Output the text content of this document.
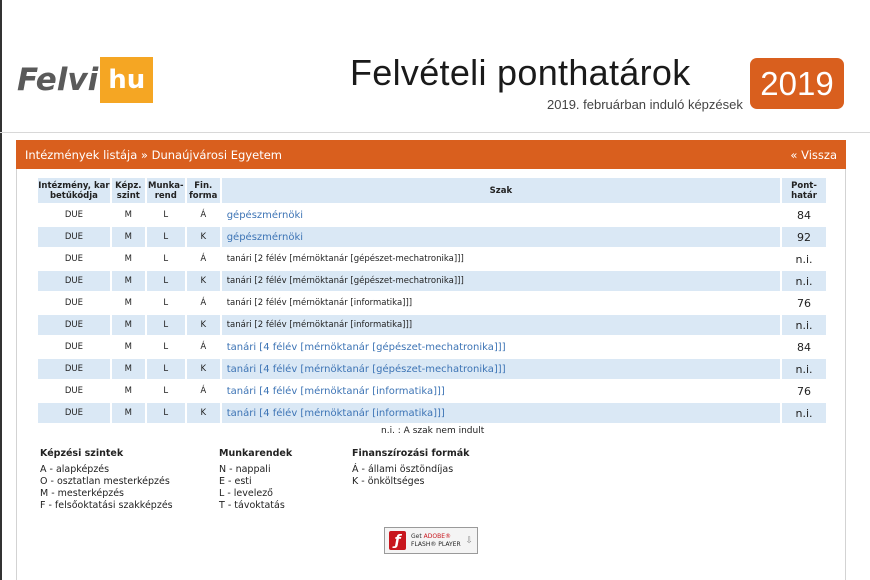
Felvi hu	Felvételi ponthatárok
2019. februárban induló képzések
2019
Intézmények listája » Dunaújvárosi Egyetem	« Vissza
Intézmény, kar betűkódja	Képz. szint	Munka-rend	Fin. forma	Szak	Pont-határ
DUE	M	L	Á	gépészmérnöki	84
DUE	M	L	K	gépészmérnöki	92
DUE	M	L	Á	tanári [2 félév [mérnöktanár [gépészet-mechatronika]]]	n.i.
DUE	M	L	K	tanári [2 félév [mérnöktanár [gépészet-mechatronika]]]	n.i.
DUE	M	L	Á	tanári [2 félév [mérnöktanár [informatika]]]	76
DUE	M	L	K	tanári [2 félév [mérnöktanár [informatika]]]	n.i.
DUE	M	L	Á	tanári [4 félév [mérnöktanár [gépészet-mechatronika]]]	84
DUE	M	L	K	tanári [4 félév [mérnöktanár [gépészet-mechatronika]]]	n.i.
DUE	M	L	Á	tanári [4 félév [mérnöktanár [informatika]]]	76
DUE	M	L	K	tanári [4 félév [mérnöktanár [informatika]]]	n.i.
n.i. : A szak nem indult
Képzési szintek
A - alapképzés
O - osztatlan mesterképzés
M - mesterképzés
F - felsőoktatási szakképzés
Munkarendek
N - nappali
E - esti
L - levelező
T - távoktatás
Finanszírozási formák
Á - állami ösztöndíjas
K - önköltséges
ƒ	Get ADOBE®
FLASH® PLAYER ⇩
